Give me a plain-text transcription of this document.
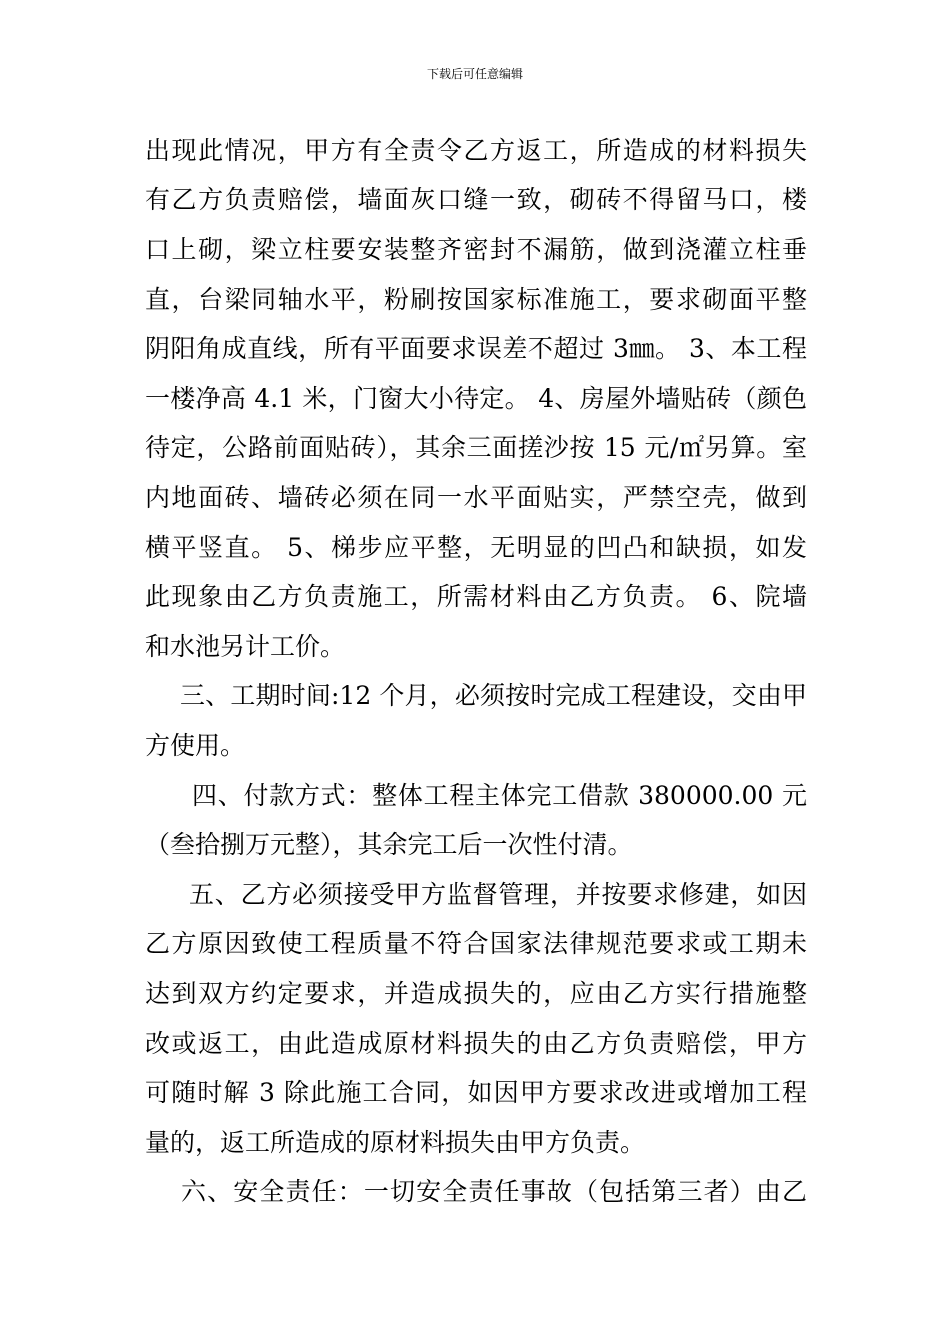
下载后可任意编辑
出现此情况，甲方有全责令乙方返工，所造成的材料损失
有乙方负责赔偿，墙面灰口缝一致，砌砖不得留马口，楼
口上砌，梁立柱要安装整齐密封不漏筋，做到浇灌立柱垂
直，台梁同轴水平，粉刷按国家标准施工，要求砌面平整
阴阳角成直线，所有平面要求误差不超过 3㎜。 3、本工程
一楼净高 4.1 米，门窗大小待定。 4、房屋外墙贴砖（颜色
待定，公路前面贴砖），其余三面搓沙按 15 元/㎡另算。室
内地面砖、墙砖必须在同一水平面贴实，严禁空壳，做到
横平竖直。 5、梯步应平整，无明显的凹凸和缺损，如发
此现象由乙方负责施工，所需材料由乙方负责。 6、院墙
和水池另计工价。
三、工期时间:12 个月，必须按时完成工程建设，交由甲
方使用。
四、付款方式：整体工程主体完工借款 380000.00 元
（叁拾捌万元整），其余完工后一次性付清。
五、乙方必须接受甲方监督管理，并按要求修建，如因
乙方原因致使工程质量不符合国家法律规范要求或工期未
达到双方约定要求，并造成损失的，应由乙方实行措施整
改或返工，由此造成原材料损失的由乙方负责赔偿，甲方
可随时解 3 除此施工合同，如因甲方要求改进或增加工程
量的，返工所造成的原材料损失由甲方负责。
六、安全责任：一切安全责任事故（包括第三者）由乙
